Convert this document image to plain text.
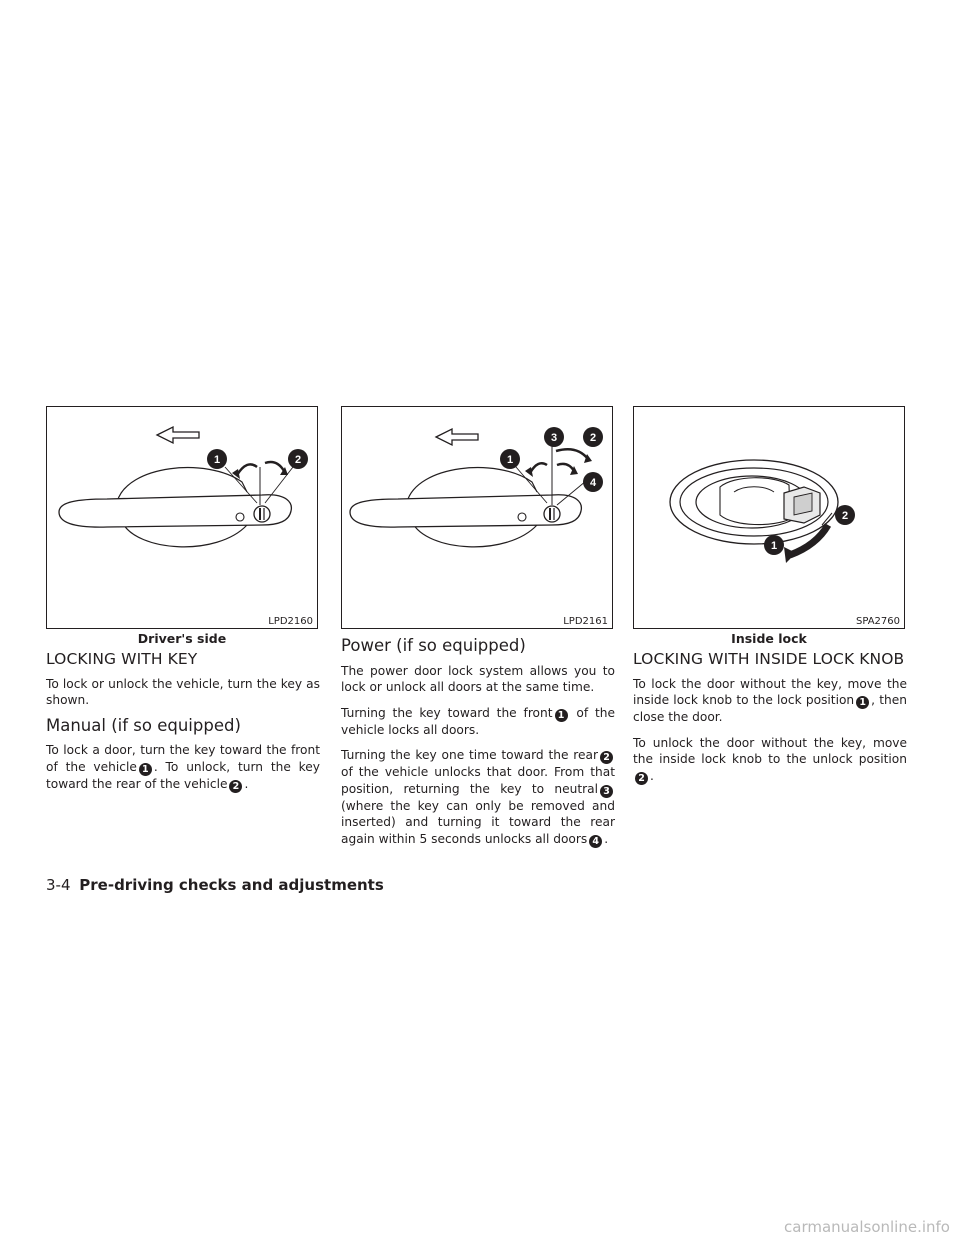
1	2
LPD2160
Driver's side
1
3	2
4
LPD2161
1
2
SPA2760
Inside lock
LOCKING WITH KEY

To lock or unlock the vehicle, turn the key as shown.

Manual (if so equipped)

To lock a door, turn the key toward the front of the vehicle 1 . To unlock, turn the key toward the rear of the vehicle 2 .

Power (if so equipped)

The power door lock system allows you to lock or unlock all doors at the same time.

Turning the key toward the front 1 of the vehicle locks all doors.

Turning the key one time toward the rear 2 of the vehicle unlocks that door. From that position, returning the key to neutral 3 (where the key can only be removed and inserted) and turning it toward the rear again within 5 seconds unlocks all doors 4 .

LOCKING WITH INSIDE LOCK KNOB

To lock the door without the key, move the inside lock knob to the lock position 1 , then close the door.

To unlock the door without the key, move the inside lock knob to the unlock position2 .

3-4 Pre-driving checks and adjustments
carmanualsonline.info
